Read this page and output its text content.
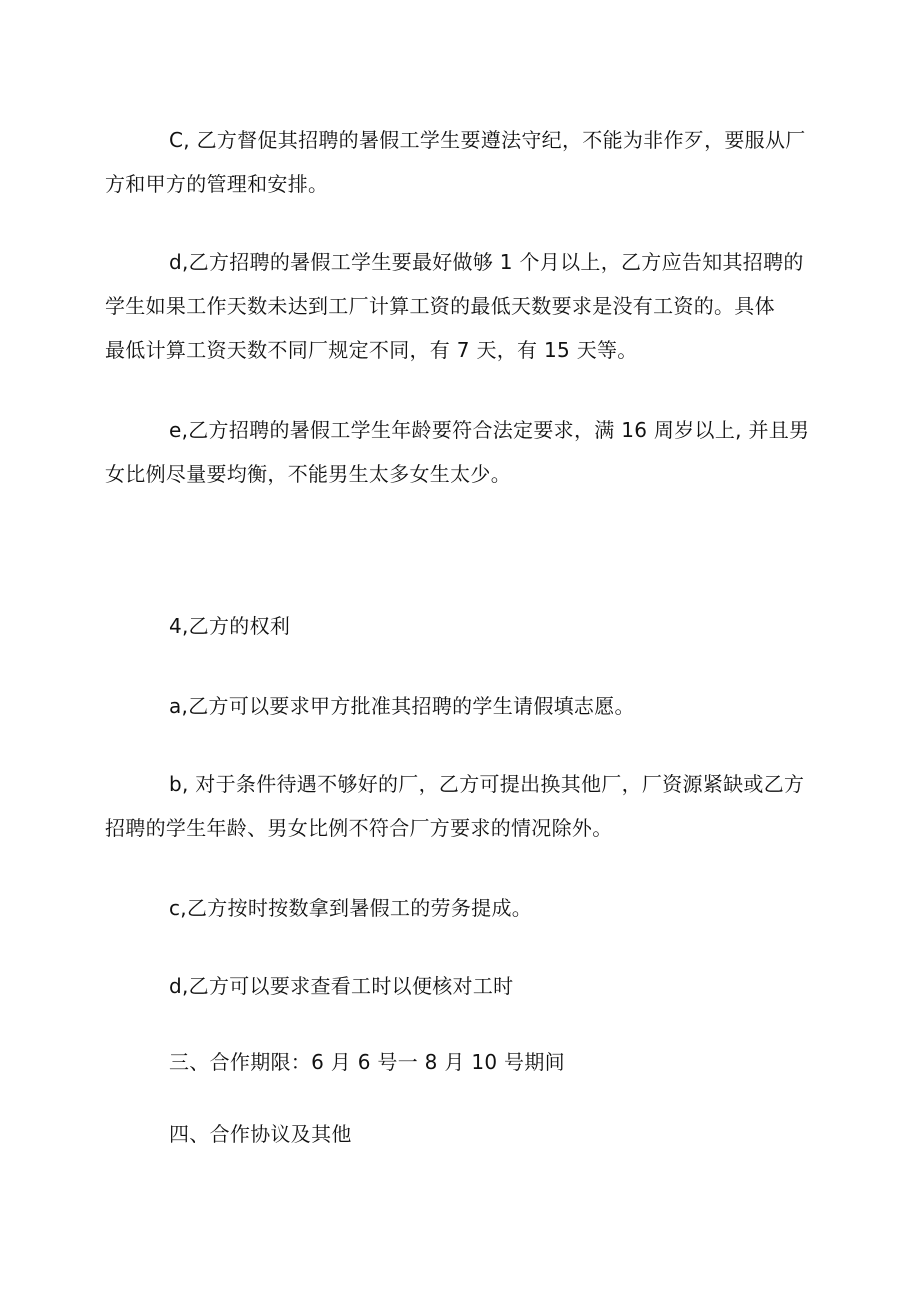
C, 乙方督促其招聘的暑假工学生要遵法守纪，不能为非作歹，要服从厂
方和甲方的管理和安排。

d,乙方招聘的暑假工学生要最好做够 1 个月以上，乙方应告知其招聘的
学生如果工作天数未达到工厂计算工资的最低天数要求是没有工资的。具体
最低计算工资天数不同厂规定不同，有 7 天，有 15 天等。

e,乙方招聘的暑假工学生年龄要符合法定要求，满 16 周岁以上, 并且男
女比例尽量要均衡，不能男生太多女生太少。

4,乙方的权利

a,乙方可以要求甲方批准其招聘的学生请假填志愿。

b, 对于条件待遇不够好的厂，乙方可提出换其他厂，厂资源紧缺或乙方
招聘的学生年龄、男女比例不符合厂方要求的情况除外。

c,乙方按时按数拿到暑假工的劳务提成。

d,乙方可以要求查看工时以便核对工时

三、合作期限：6 月 6 号一 8 月 10 号期间

四、合作协议及其他
